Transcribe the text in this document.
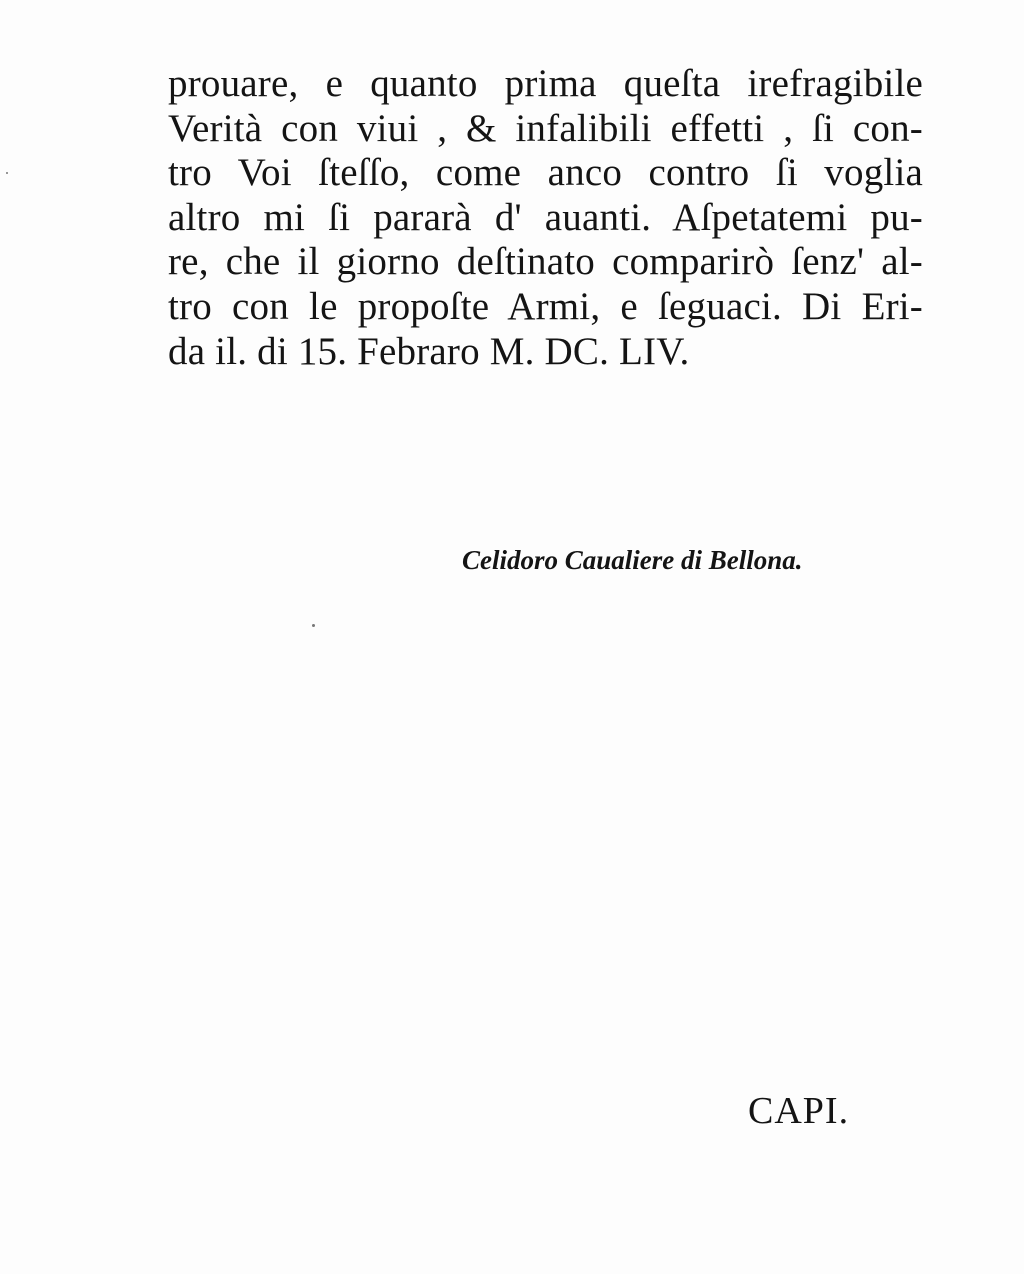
prouare, e quanto prima queſta irefragibile
Verità con viui , & infalibili effetti , ſi con-
tro Voi ſteſſo, come anco contro ſi voglia
altro mi ſi pararà d' auanti. Aſpetatemi pu-
re, che il giorno deſtinato comparirò ſenz' al-
tro con le propoſte Armi, e ſeguaci. Di Eri-
da il. di 15. Febraro M. DC. LIV.
Celidoro Caualiere di Bellona.
CAPI.
